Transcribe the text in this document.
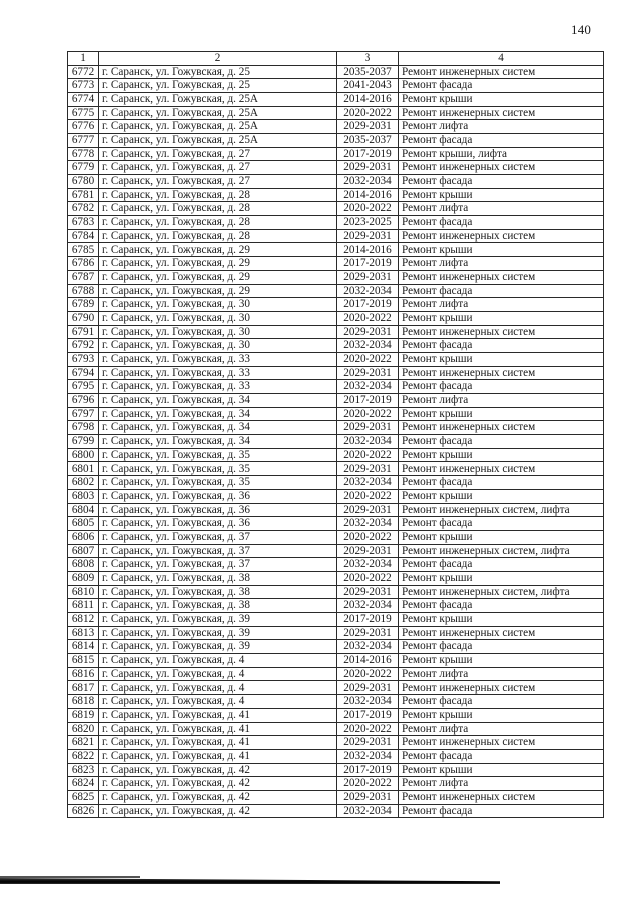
140
1	2	3	4
6772	г. Саранск, ул. Гожувская, д. 25	2035-2037	Ремонт инженерных систем
6773	г. Саранск, ул. Гожувская, д. 25	2041-2043	Ремонт фасада
6774	г. Саранск, ул. Гожувская, д. 25А	2014-2016	Ремонт крыши
6775	г. Саранск, ул. Гожувская, д. 25А	2020-2022	Ремонт инженерных систем
6776	г. Саранск, ул. Гожувская, д. 25А	2029-2031	Ремонт лифта
6777	г. Саранск, ул. Гожувская, д. 25А	2035-2037	Ремонт фасада
6778	г. Саранск, ул. Гожувская, д. 27	2017-2019	Ремонт крыши, лифта
6779	г. Саранск, ул. Гожувская, д. 27	2029-2031	Ремонт инженерных систем
6780	г. Саранск, ул. Гожувская, д. 27	2032-2034	Ремонт фасада
6781	г. Саранск, ул. Гожувская, д. 28	2014-2016	Ремонт крыши
6782	г. Саранск, ул. Гожувская, д. 28	2020-2022	Ремонт лифта
6783	г. Саранск, ул. Гожувская, д. 28	2023-2025	Ремонт фасада
6784	г. Саранск, ул. Гожувская, д. 28	2029-2031	Ремонт инженерных систем
6785	г. Саранск, ул. Гожувская, д. 29	2014-2016	Ремонт крыши
6786	г. Саранск, ул. Гожувская, д. 29	2017-2019	Ремонт лифта
6787	г. Саранск, ул. Гожувская, д. 29	2029-2031	Ремонт инженерных систем
6788	г. Саранск, ул. Гожувская, д. 29	2032-2034	Ремонт фасада
6789	г. Саранск, ул. Гожувская, д. 30	2017-2019	Ремонт лифта
6790	г. Саранск, ул. Гожувская, д. 30	2020-2022	Ремонт крыши
6791	г. Саранск, ул. Гожувская, д. 30	2029-2031	Ремонт инженерных систем
6792	г. Саранск, ул. Гожувская, д. 30	2032-2034	Ремонт фасада
6793	г. Саранск, ул. Гожувская, д. 33	2020-2022	Ремонт крыши
6794	г. Саранск, ул. Гожувская, д. 33	2029-2031	Ремонт инженерных систем
6795	г. Саранск, ул. Гожувская, д. 33	2032-2034	Ремонт фасада
6796	г. Саранск, ул. Гожувская, д. 34	2017-2019	Ремонт лифта
6797	г. Саранск, ул. Гожувская, д. 34	2020-2022	Ремонт крыши
6798	г. Саранск, ул. Гожувская, д. 34	2029-2031	Ремонт инженерных систем
6799	г. Саранск, ул. Гожувская, д. 34	2032-2034	Ремонт фасада
6800	г. Саранск, ул. Гожувская, д. 35	2020-2022	Ремонт крыши
6801	г. Саранск, ул. Гожувская, д. 35	2029-2031	Ремонт инженерных систем
6802	г. Саранск, ул. Гожувская, д. 35	2032-2034	Ремонт фасада
6803	г. Саранск, ул. Гожувская, д. 36	2020-2022	Ремонт крыши
6804	г. Саранск, ул. Гожувская, д. 36	2029-2031	Ремонт инженерных систем, лифта
6805	г. Саранск, ул. Гожувская, д. 36	2032-2034	Ремонт фасада
6806	г. Саранск, ул. Гожувская, д. 37	2020-2022	Ремонт крыши
6807	г. Саранск, ул. Гожувская, д. 37	2029-2031	Ремонт инженерных систем, лифта
6808	г. Саранск, ул. Гожувская, д. 37	2032-2034	Ремонт фасада
6809	г. Саранск, ул. Гожувская, д. 38	2020-2022	Ремонт крыши
6810	г. Саранск, ул. Гожувская, д. 38	2029-2031	Ремонт инженерных систем, лифта
6811	г. Саранск, ул. Гожувская, д. 38	2032-2034	Ремонт фасада
6812	г. Саранск, ул. Гожувская, д. 39	2017-2019	Ремонт крыши
6813	г. Саранск, ул. Гожувская, д. 39	2029-2031	Ремонт инженерных систем
6814	г. Саранск, ул. Гожувская, д. 39	2032-2034	Ремонт фасада
6815	г. Саранск, ул. Гожувская, д. 4	2014-2016	Ремонт крыши
6816	г. Саранск, ул. Гожувская, д. 4	2020-2022	Ремонт лифта
6817	г. Саранск, ул. Гожувская, д. 4	2029-2031	Ремонт инженерных систем
6818	г. Саранск, ул. Гожувская, д. 4	2032-2034	Ремонт фасада
6819	г. Саранск, ул. Гожувская, д. 41	2017-2019	Ремонт крыши
6820	г. Саранск, ул. Гожувская, д. 41	2020-2022	Ремонт лифта
6821	г. Саранск, ул. Гожувская, д. 41	2029-2031	Ремонт инженерных систем
6822	г. Саранск, ул. Гожувская, д. 41	2032-2034	Ремонт фасада
6823	г. Саранск, ул. Гожувская, д. 42	2017-2019	Ремонт крыши
6824	г. Саранск, ул. Гожувская, д. 42	2020-2022	Ремонт лифта
6825	г. Саранск, ул. Гожувская, д. 42	2029-2031	Ремонт инженерных систем
6826	г. Саранск, ул. Гожувская, д. 42	2032-2034	Ремонт фасада
